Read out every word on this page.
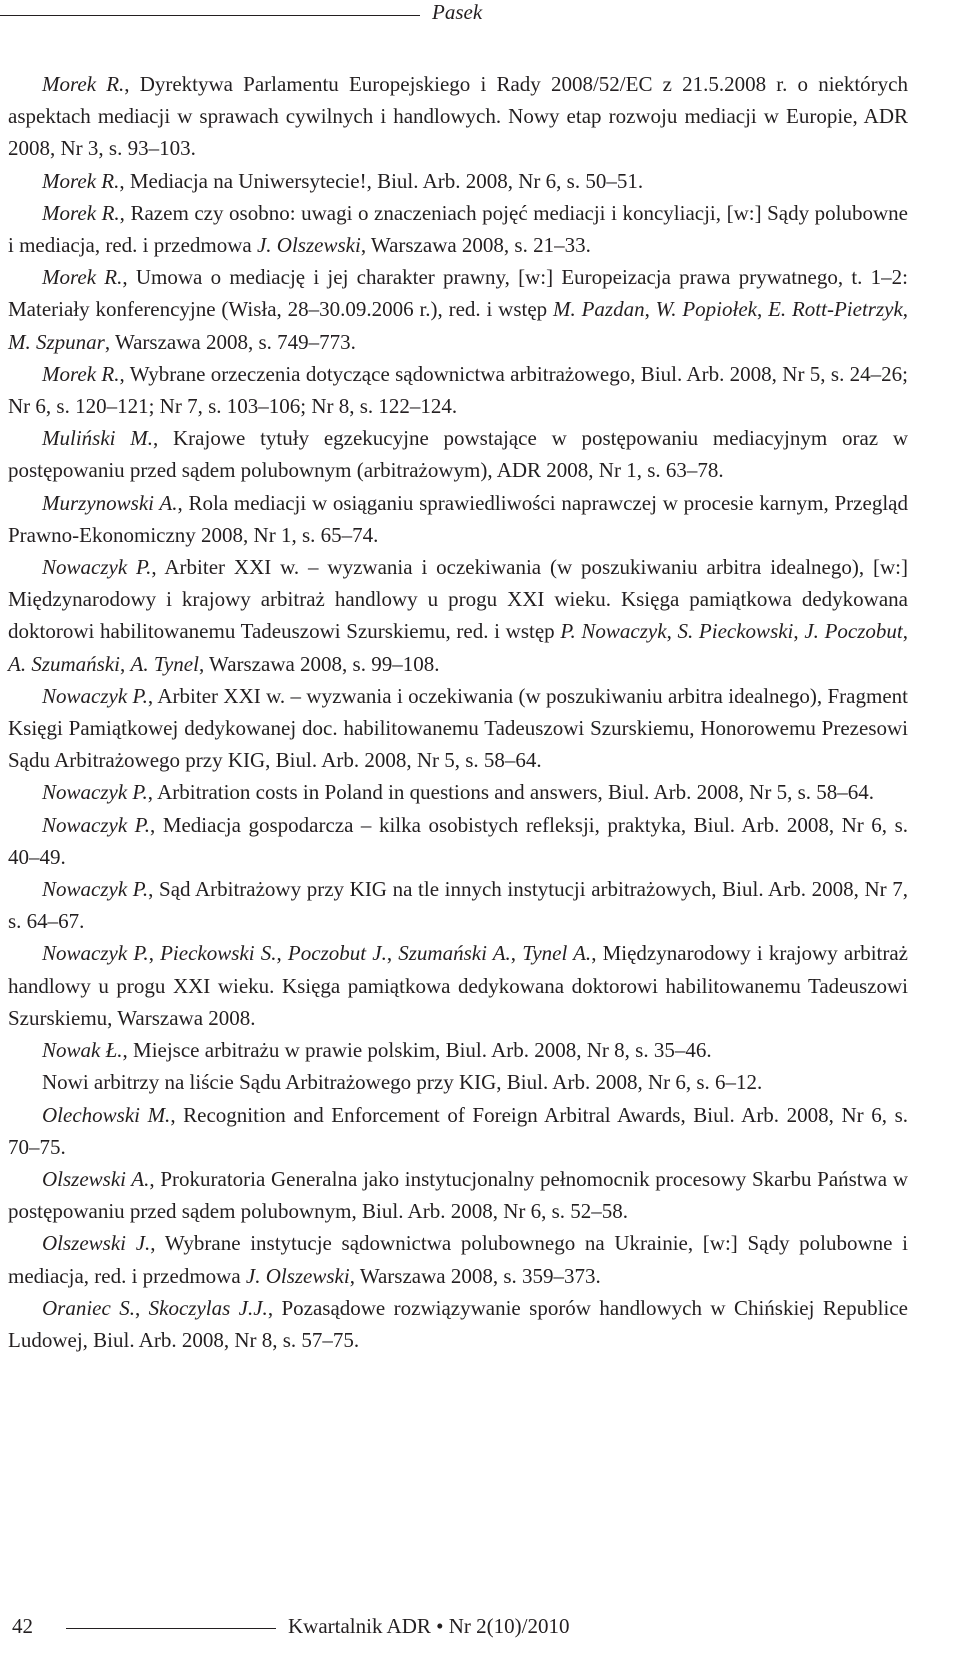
Pasek

Morek R., Dyrektywa Parlamentu Europejskiego i Rady 2008/52/EC z 21.5.2008 r. o niektórych aspektach mediacji w sprawach cywilnych i handlowych. Nowy etap rozwoju mediacji w Europie, ADR 2008, Nr 3, s. 93–103.

Morek R., Mediacja na Uniwersytecie!, Biul. Arb. 2008, Nr 6, s. 50–51.

Morek R., Razem czy osobno: uwagi o znaczeniach pojęć mediacji i koncyliacji, [w:] Sądy polubowne i mediacja, red. i przedmowa J. Olszewski, Warszawa 2008, s. 21–33.

Morek R., Umowa o mediację i jej charakter prawny, [w:] Europeizacja prawa prywatnego, t. 1–2: Materiały konferencyjne (Wisła, 28–30.09.2006 r.), red. i wstęp M. Pazdan, W. Popiołek, E. Rott-Pietrzyk, M. Szpunar, Warszawa 2008, s. 749–773.

Morek R., Wybrane orzeczenia dotyczące sądownictwa arbitrażowego, Biul. Arb. 2008, Nr 5, s. 24–26; Nr 6, s. 120–121; Nr 7, s. 103–106; Nr 8, s. 122–124.

Muliński M., Krajowe tytuły egzekucyjne powstające w postępowaniu mediacyjnym oraz w postępowaniu przed sądem polubownym (arbitrażowym), ADR 2008, Nr 1, s. 63–78.

Murzynowski A., Rola mediacji w osiąganiu sprawiedliwości naprawczej w procesie karnym, Przegląd Prawno-Ekonomiczny 2008, Nr 1, s. 65–74.

Nowaczyk P., Arbiter XXI w. – wyzwania i oczekiwania (w poszukiwaniu arbitra idealnego), [w:] Międzynarodowy i krajowy arbitraż handlowy u progu XXI wieku. Księga pamiątkowa dedykowana doktorowi habilitowanemu Tadeuszowi Szurskiemu, red. i wstęp P. Nowaczyk, S. Pieckowski, J. Poczobut, A. Szumański, A. Tynel, Warszawa 2008, s. 99–108.

Nowaczyk P., Arbiter XXI w. – wyzwania i oczekiwania (w poszukiwaniu arbitra idealnego), Fragment Księgi Pamiątkowej dedykowanej doc. habilitowanemu Tadeuszowi Szurskiemu, Honorowemu Prezesowi Sądu Arbitrażowego przy KIG, Biul. Arb. 2008, Nr 5, s. 58–64.

Nowaczyk P., Arbitration costs in Poland in questions and answers, Biul. Arb. 2008, Nr 5, s. 58–64.

Nowaczyk P., Mediacja gospodarcza – kilka osobistych refleksji, praktyka, Biul. Arb. 2008, Nr 6, s. 40–49.

Nowaczyk P., Sąd Arbitrażowy przy KIG na tle innych instytucji arbitrażowych, Biul. Arb. 2008, Nr 7, s. 64–67.

Nowaczyk P., Pieckowski S., Poczobut J., Szumański A., Tynel A., Międzynarodowy i krajowy arbitraż handlowy u progu XXI wieku. Księga pamiątkowa dedykowana doktorowi habilitowanemu Tadeuszowi Szurskiemu, Warszawa 2008.

Nowak Ł., Miejsce arbitrażu w prawie polskim, Biul. Arb. 2008, Nr 8, s. 35–46.

Nowi arbitrzy na liście Sądu Arbitrażowego przy KIG, Biul. Arb. 2008, Nr 6, s. 6–12.

Olechowski M., Recognition and Enforcement of Foreign Arbitral Awards, Biul. Arb. 2008, Nr 6, s. 70–75.

Olszewski A., Prokuratoria Generalna jako instytucjonalny pełnomocnik procesowy Skarbu Państwa w postępowaniu przed sądem polubownym, Biul. Arb. 2008, Nr 6, s. 52–58.

Olszewski J., Wybrane instytucje sądownictwa polubownego na Ukrainie, [w:] Sądy polubowne i mediacja, red. i przedmowa J. Olszewski, Warszawa 2008, s. 359–373.

Oraniec S., Skoczylas J.J., Pozasądowe rozwiązywanie sporów handlowych w Chińskiej Republice Ludowej, Biul. Arb. 2008, Nr 8, s. 57–75.

42	Kwartalnik ADR • Nr 2(10)/2010
